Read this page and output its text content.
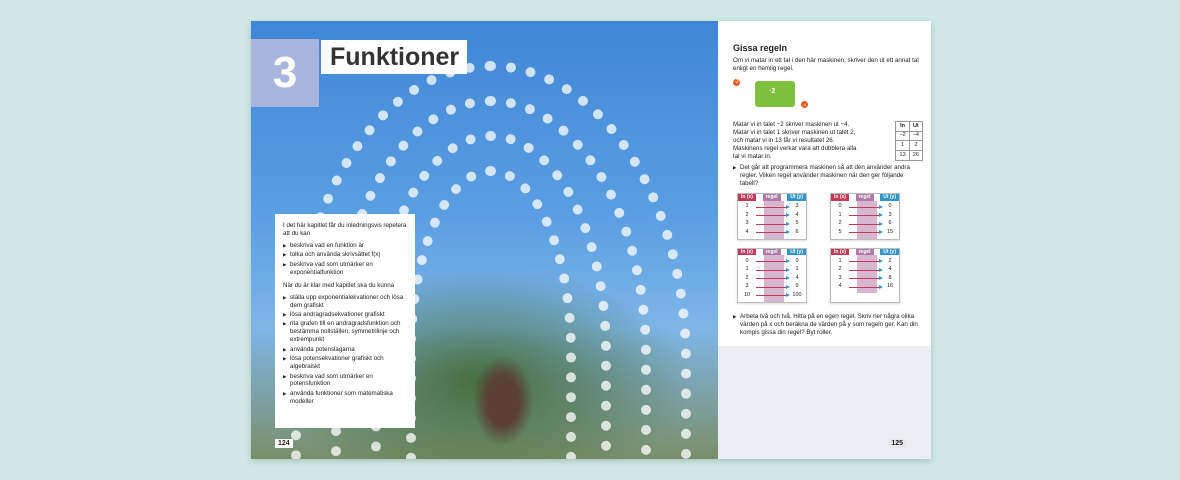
3	Funktioner

I det här kapitlet får du inledningsvis repetera att du kan

▶ beskriva vad en funktion är
▶ tolka och använda skrivsättet f(x)
▶ beskriva vad som utmärker en exponentialfunktion

När du är klar med kapitlet ska du kunna

▶ ställa upp exponentialekvationer och lösa dem grafiskt
▶ lösa andragradsekvationer grafiskt
▶ rita grafen till en andragradsfunktion och bestämma nollställen, symmetrilinje och extrempunkt
▶ använda potenslagarna
▶ lösa potensekvationer grafiskt och algebraiskt
▶ beskriva vad som utmärker en potensfunktion
▶ använda funktioner som matematiska modeller
124
Gissa regeln

Om vi matar in ett tal i den här maskinen, skriver den ut ett annat tal enligt en hemlig regel.

-2
·2
-4

Matar vi in talet −2 skriver maskinen ut −4. Matar vi in talet 1 skriver maskinen ut talet 2, och matar vi in 13 får vi resultatet 26. Maskinens regel verkar vara att dubblera alla tal vi matar in.

In	Ut
−2	−4
1	2
13	26

▶ Det går att programmera maskinen så att den använder andra regler. Vilken regel använder maskinen när den ger följande tabell?

In (x)	regel	Ut (y)
1	3
2	4
3	5
4	6
In (x)	regel	Ut (y)
0	0
1	3
2	6
5	15
In (x)	regel	Ut (y)
0	0
1	1
2	4
3	9
10	100
In (x)	regel	Ut (y)
1	2
2	4
3	8
4	16

▶ Arbeta två och två. Hitta på en egen regel. Skriv ner några olika värden på x och beräkna de värden på y som regeln ger. Kan din kompis gissa din regel? Byt roller.

125
